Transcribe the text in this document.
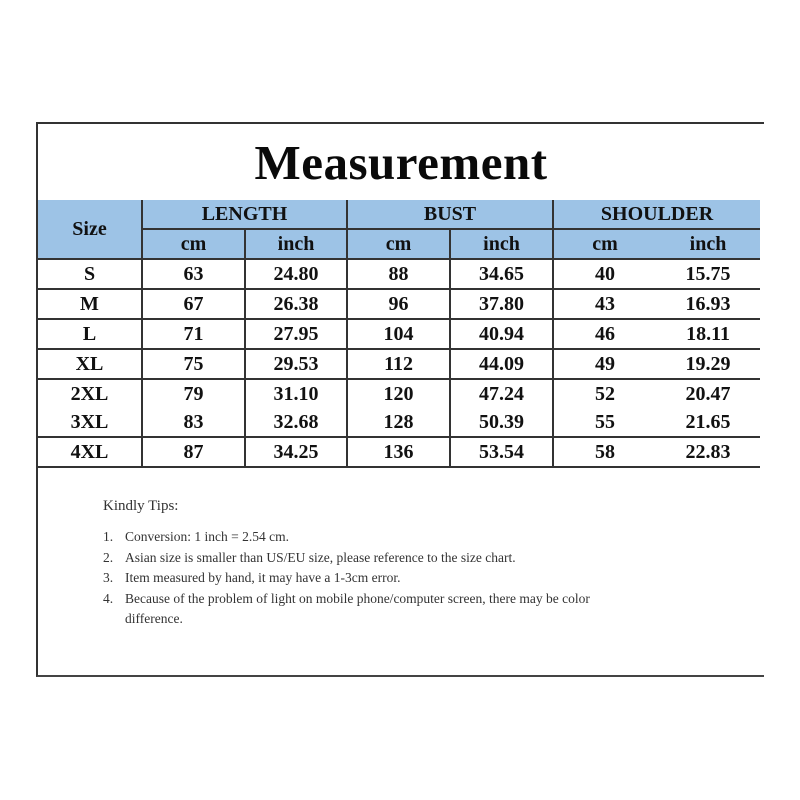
Measurement
Size	LENGTH		BUST		SHOULDER	
	cm	inch	cm	inch	cm	inch
S	63	24.80	88	34.65	40	15.75
M	67	26.38	96	37.80	43	16.93
L	71	27.95	104	40.94	46	18.11
XL	75	29.53	112	44.09	49	19.29
2XL	79	31.10	120	47.24	52	20.47
3XL	83	32.68	128	50.39	55	21.65
4XL	87	34.25	136	53.54	58	22.83
Kindly Tips:
1. Conversion: 1 inch = 2.54 cm.
2. Asian size is smaller than US/EU size, please reference to the size chart.
3. Item measured by hand, it may have a 1-3cm error.
4. Because of the problem of light on mobile phone/computer screen, there may be color difference.
